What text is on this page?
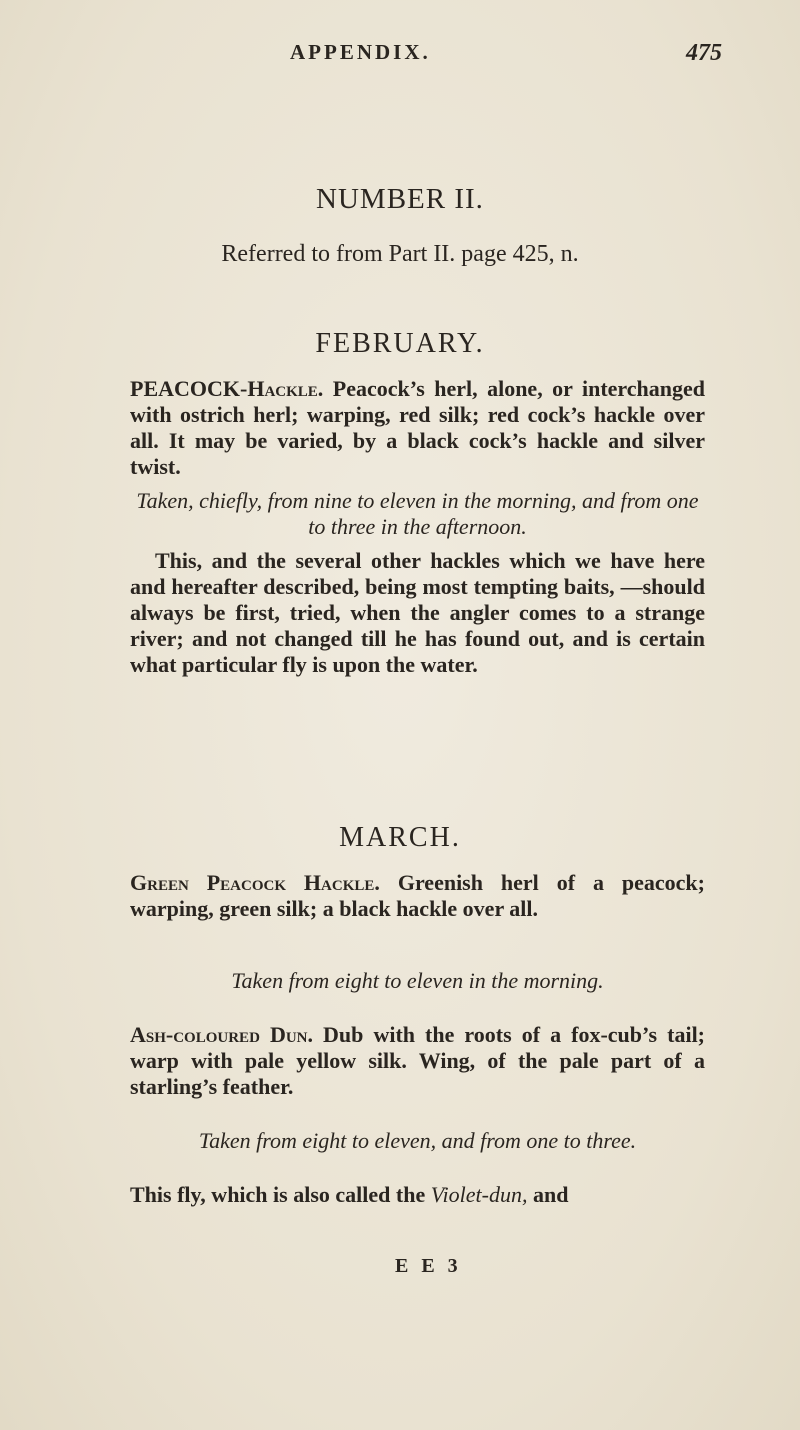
APPENDIX.	475
NUMBER II.
Referred to from Part II. page 425, n.
FEBRUARY.
PEACOCK-Hackle. Peacock’s herl, alone, or interchanged with ostrich herl; warping, red silk; red cock’s hackle over all. It may be varied, by a black cock’s hackle and silver twist.
Taken, chiefly, from nine to eleven in the morning, and from one to three in the afternoon.
This, and the several other hackles which we have here and hereafter described, being most tempting baits, —should always be first, tried, when the angler comes to a strange river; and not changed till he has found out, and is certain what particular fly is upon the water.
MARCH.
Green Peacock Hackle. Greenish herl of a peacock; warping, green silk; a black hackle over all.
Taken from eight to eleven in the morning.
Ash-coloured Dun. Dub with the roots of a fox-cub’s tail; warp with pale yellow silk. Wing, of the pale part of a starling’s feather.
Taken from eight to eleven, and from one to three.
This fly, which is also called the Violet-dun, and
E E 3
